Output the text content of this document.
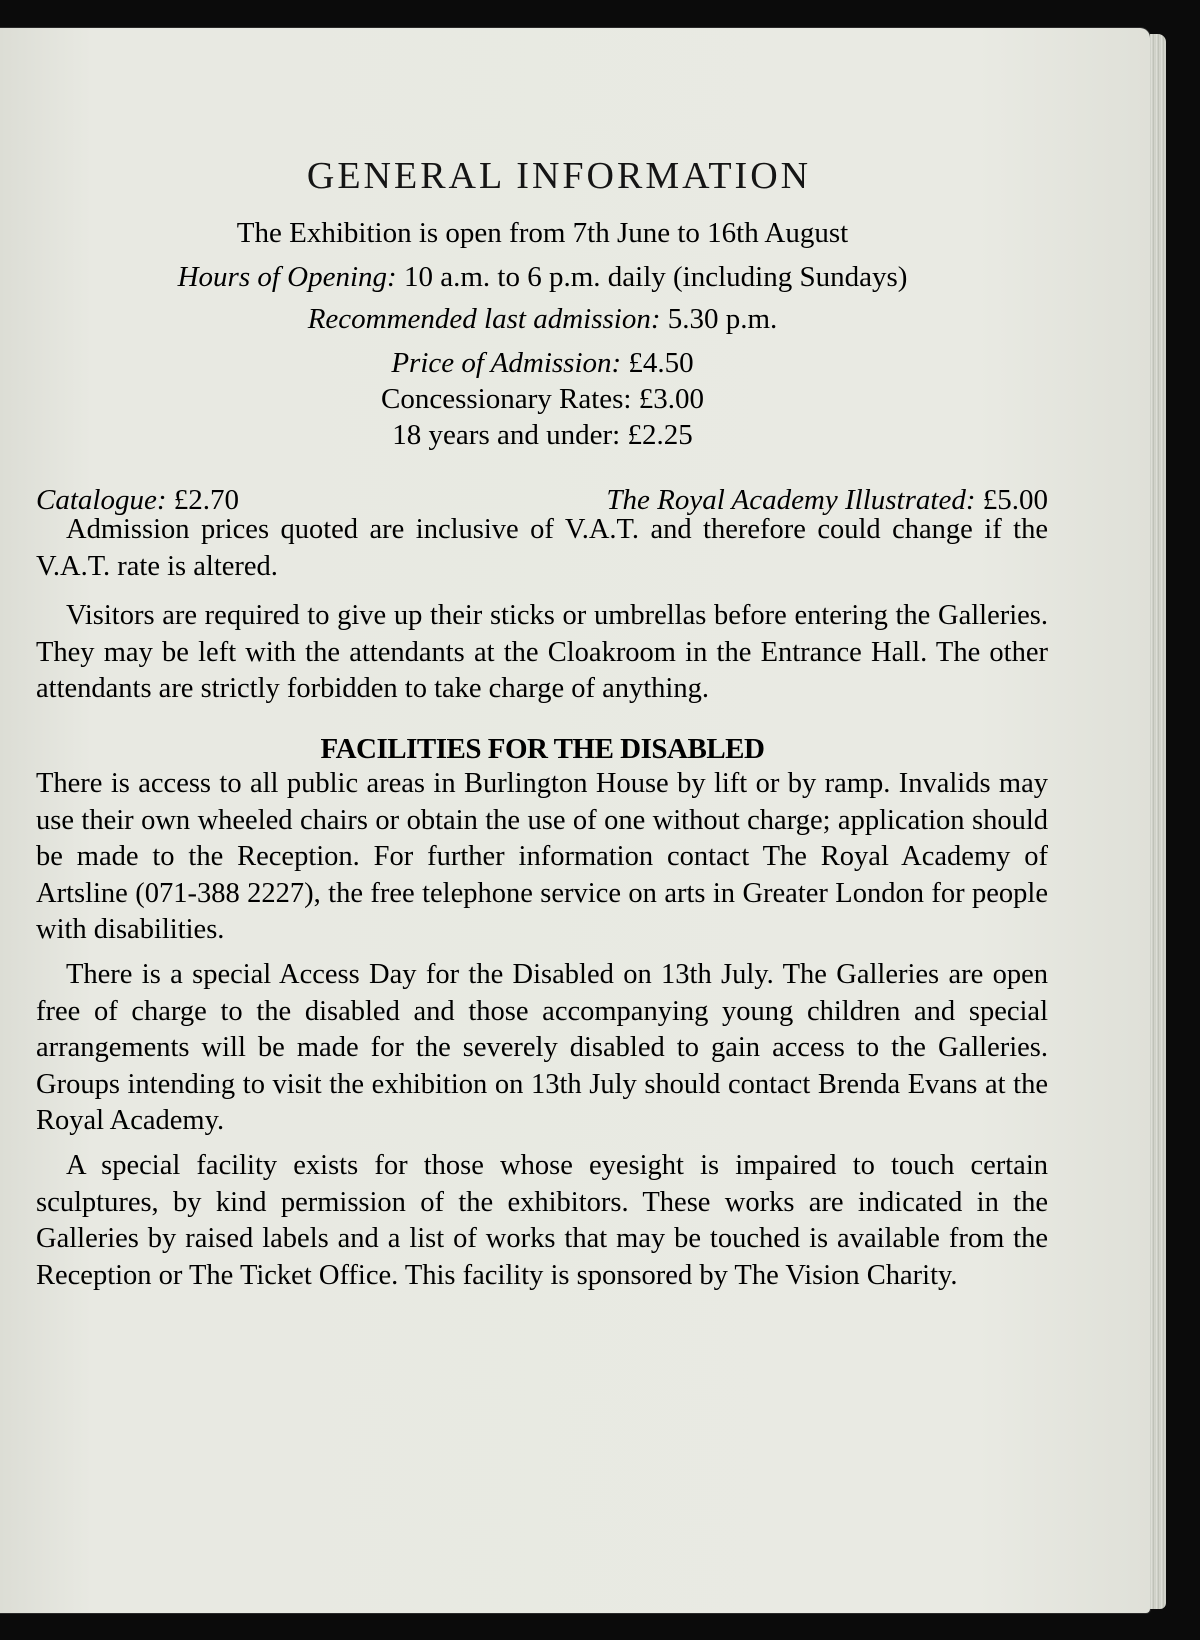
GENERAL INFORMATION
The Exhibition is open from 7th June to 16th August
Hours of Opening: 10 a.m. to 6 p.m. daily (including Sundays)
Recommended last admission: 5.30 p.m.
Price of Admission: £4.50
Concessionary Rates: £3.00
18 years and under: £2.25
Catalogue: £2.70	The Royal Academy Illustrated: £5.00

Admission prices quoted are inclusive of V.A.T. and therefore could change if the V.A.T. rate is altered.

Visitors are required to give up their sticks or umbrellas before entering the Galleries. They may be left with the attendants at the Cloakroom in the Entrance Hall. The other attendants are strictly forbidden to take charge of anything.

FACILITIES FOR THE DISABLED

There is access to all public areas in Burlington House by lift or by ramp. Invalids may use their own wheeled chairs or obtain the use of one without charge; application should be made to the Reception. For further information contact The Royal Academy of Artsline (071-388 2227), the free telephone service on arts in Greater London for people with disabilities.

There is a special Access Day for the Disabled on 13th July. The Galleries are open free of charge to the disabled and those accompanying young children and special arrangements will be made for the severely disabled to gain access to the Galleries. Groups intending to visit the exhibition on 13th July should contact Brenda Evans at the Royal Academy.

A special facility exists for those whose eyesight is impaired to touch certain sculptures, by kind permission of the exhibitors. These works are indicated in the Galleries by raised labels and a list of works that may be touched is available from the Reception or The Ticket Office. This facility is sponsored by The Vision Charity.
